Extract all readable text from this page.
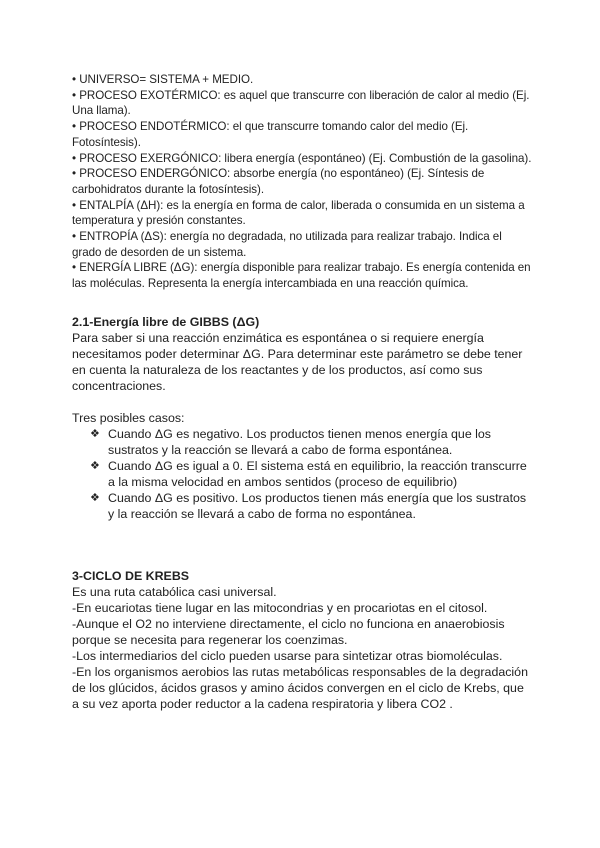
• UNIVERSO= SISTEMA + MEDIO.

• PROCESO EXOTÉRMICO: es aquel que transcurre con liberación de calor al medio (Ej. Una llama).

• PROCESO ENDOTÉRMICO: el que transcurre tomando calor del medio (Ej. Fotosíntesis).

• PROCESO EXERGÓNICO: libera energía (espontáneo) (Ej. Combustión de la gasolina).

• PROCESO ENDERGÓNICO: absorbe energía (no espontáneo) (Ej. Síntesis de carbohidratos durante la fotosíntesis).

• ENTALPÍA (ΔH): es la energía en forma de calor, liberada o consumida en un sistema a temperatura y presión constantes.

• ENTROPÍA (ΔS): energía no degradada, no utilizada para realizar trabajo. Indica el grado de desorden de un sistema.

• ENERGÍA LIBRE (ΔG): energía disponible para realizar trabajo. Es energía contenida en las moléculas. Representa la energía intercambiada en una reacción química.

2.1-Energía libre de GIBBS (ΔG)

Para saber si una reacción enzimática es espontánea o si requiere energía necesitamos poder determinar ΔG. Para determinar este parámetro se debe tener en cuenta la naturaleza de los reactantes y de los productos, así como sus concentraciones.

Tres posibles casos:

❖ Cuando ΔG es negativo. Los productos tienen menos energía que los sustratos y la reacción se llevará a cabo de forma espontánea.
❖ Cuando ΔG es igual a 0. El sistema está en equilibrio, la reacción transcurre a la misma velocidad en ambos sentidos (proceso de equilibrio)
❖ Cuando ΔG es positivo. Los productos tienen más energía que los sustratos y la reacción se llevará a cabo de forma no espontánea.
3-CICLO DE KREBS

Es una ruta catabólica casi universal.

-En eucariotas tiene lugar en las mitocondrias y en procariotas en el citosol.

-Aunque el O2 no interviene directamente, el ciclo no funciona en anaerobiosis porque se necesita para regenerar los coenzimas.

-Los intermediarios del ciclo pueden usarse para sintetizar otras biomoléculas.

-En los organismos aerobios las rutas metabólicas responsables de la degradación de los glúcidos, ácidos grasos y amino ácidos convergen en el ciclo de Krebs, que a su vez aporta poder reductor a la cadena respiratoria y libera CO2 .
